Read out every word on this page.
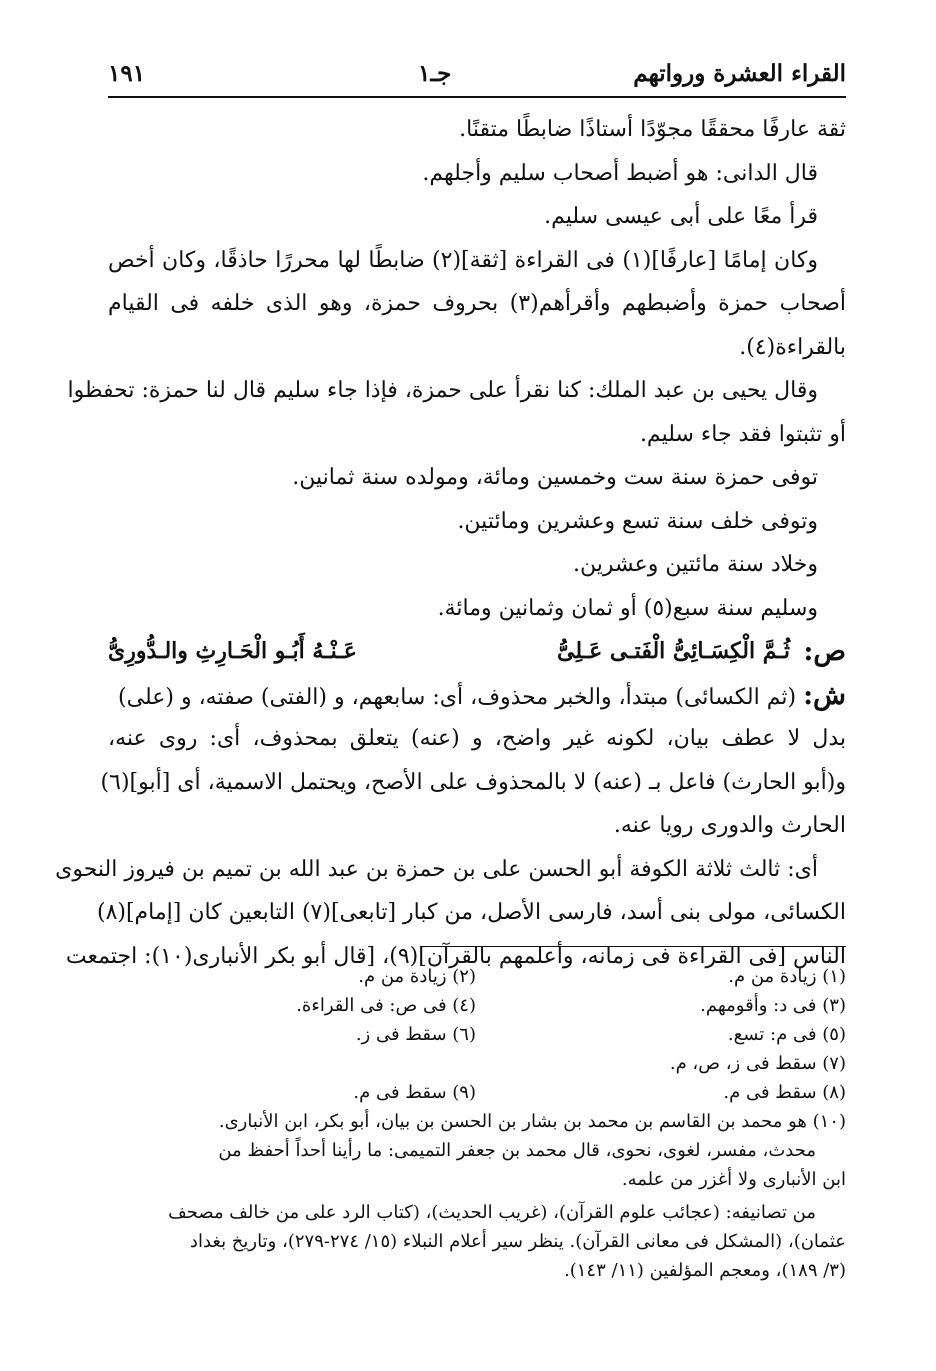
القراء العشرة ورواتهم
جـ١
١٩١
ثقة عارفًا محققًا مجوّدًا أستاذًا ضابطًا متقنًا.
قال الدانى: هو أضبط أصحاب سليم وأجلهم.
قرأ معًا على أبى عيسى سليم.
وكان إمامًا [عارفًا](١) فى القراءة [ثقة](٢) ضابطًا لها محررًا حاذقًا، وكان أخص
أصحاب حمزة وأضبطهم وأقرأهم(٣) بحروف حمزة، وهو الذى خلفه فى القيام
بالقراءة(٤).
وقال يحيى بن عبد الملك: كنا نقرأ على حمزة، فإذا جاء سليم قال لنا حمزة: تحفظوا
أو تثبتوا فقد جاء سليم.
توفى حمزة سنة ست وخمسين ومائة، ومولده سنة ثمانين.
وتوفى خلف سنة تسع وعشرين ومائتين.
وخلاد سنة مائتين وعشرين.
وسليم سنة سبع(٥) أو ثمان وثمانين ومائة.
ص:
ثُـمَّ الْكِسَـائِىُّ الْفَتـى عَـلِىُّ
عَـنْـهُ أَبُـو الْحَـارِثِ والـدُّورِىُّ
ش: (ثم الكسائى) مبتدأ، والخبر محذوف، أى: سابعهم، و (الفتى) صفته، و (على)
بدل لا عطف بيان، لكونه غير واضح، و (عنه) يتعلق بمحذوف، أى: روى عنه،
و(أبو الحارث) فاعل بـ (عنه) لا بالمحذوف على الأصح، ويحتمل الاسمية، أى [أبو](٦)
الحارث والدورى رويا عنه.
أى: ثالث ثلاثة الكوفة أبو الحسن على بن حمزة بن عبد الله بن تميم بن فيروز النحوى
الكسائى، مولى بنى أسد، فارسى الأصل، من كبار [تابعى](٧) التابعين كان [إمام](٨)
الناس [فى القراءة فى زمانه، وأعلمهم بالقرآن](٩)، [قال أبو بكر الأنبارى(١٠): اجتمعت
(١) زيادة من م.
(٢) زيادة من م.
(٣) فى د: وأقومهم.
(٤) فى ص: فى القراءة.
(٥) فى م: تسع.
(٦) سقط فى ز.
(٧) سقط فى ز، ص، م.
(٨) سقط فى م.
(٩) سقط فى م.
(١٠) هو محمد بن القاسم بن محمد بن بشار بن الحسن بن بيان، أبو بكر، ابن الأنبارى.
محدث، مفسر، لغوى، نحوى، قال محمد بن جعفر التميمى: ما رأينا أحداً أحفظ من
ابن الأنبارى ولا أغزر من علمه.
من تصانيفه: (عجائب علوم القرآن)، (غريب الحديث)، (كتاب الرد على من خالف مصحف
عثمان)، (المشكل فى معانى القرآن). ينظر سير أعلام النبلاء (١٥/ ٢٧٤-٢٧٩)، وتاريخ بغداد
(٣/ ١٨٩)، ومعجم المؤلفين (١١/ ١٤٣).
